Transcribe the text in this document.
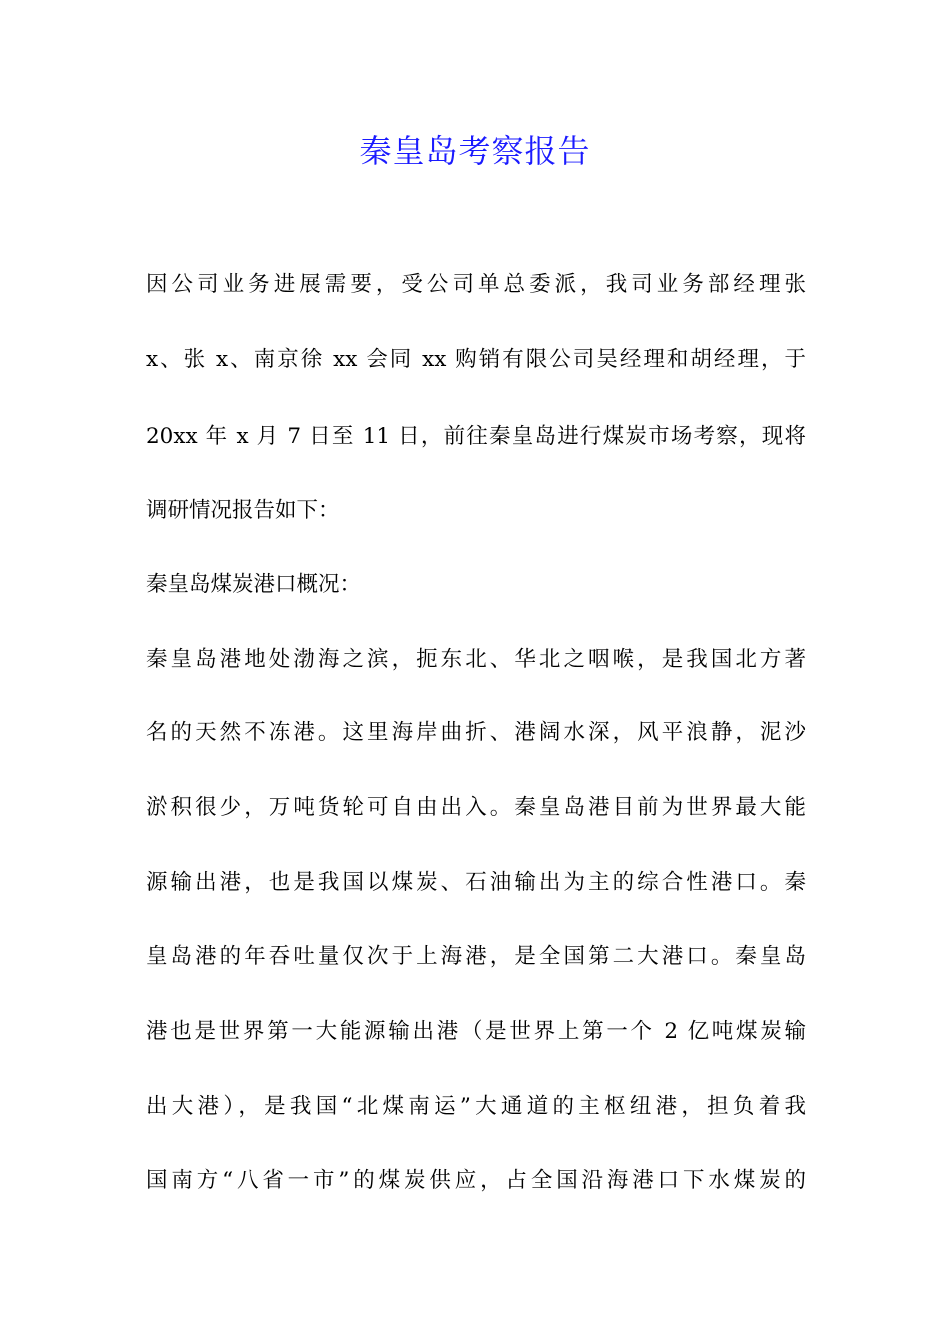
秦皇岛考察报告

因公司业务进展需要，受公司单总委派，我司业务部经理张

x、张 x、南京徐 xx 会同 xx 购销有限公司吴经理和胡经理，于

20xx 年 x 月 7 日至 11 日，前往秦皇岛进行煤炭市场考察，现将

调研情况报告如下：

秦皇岛煤炭港口概况：

秦皇岛港地处渤海之滨，扼东北、华北之咽喉，是我国北方著

名的天然不冻港。这里海岸曲折、港阔水深，风平浪静，泥沙

淤积很少，万吨货轮可自由出入。秦皇岛港目前为世界最大能

源输出港，也是我国以煤炭、石油输出为主的综合性港口。秦

皇岛港的年吞吐量仅次于上海港，是全国第二大港口。秦皇岛

港也是世界第一大能源输出港（是世界上第一个 2 亿吨煤炭输

出大港），是我国“北煤南运”大通道的主枢纽港，担负着我

国南方“八省一市”的煤炭供应，占全国沿海港口下水煤炭的
